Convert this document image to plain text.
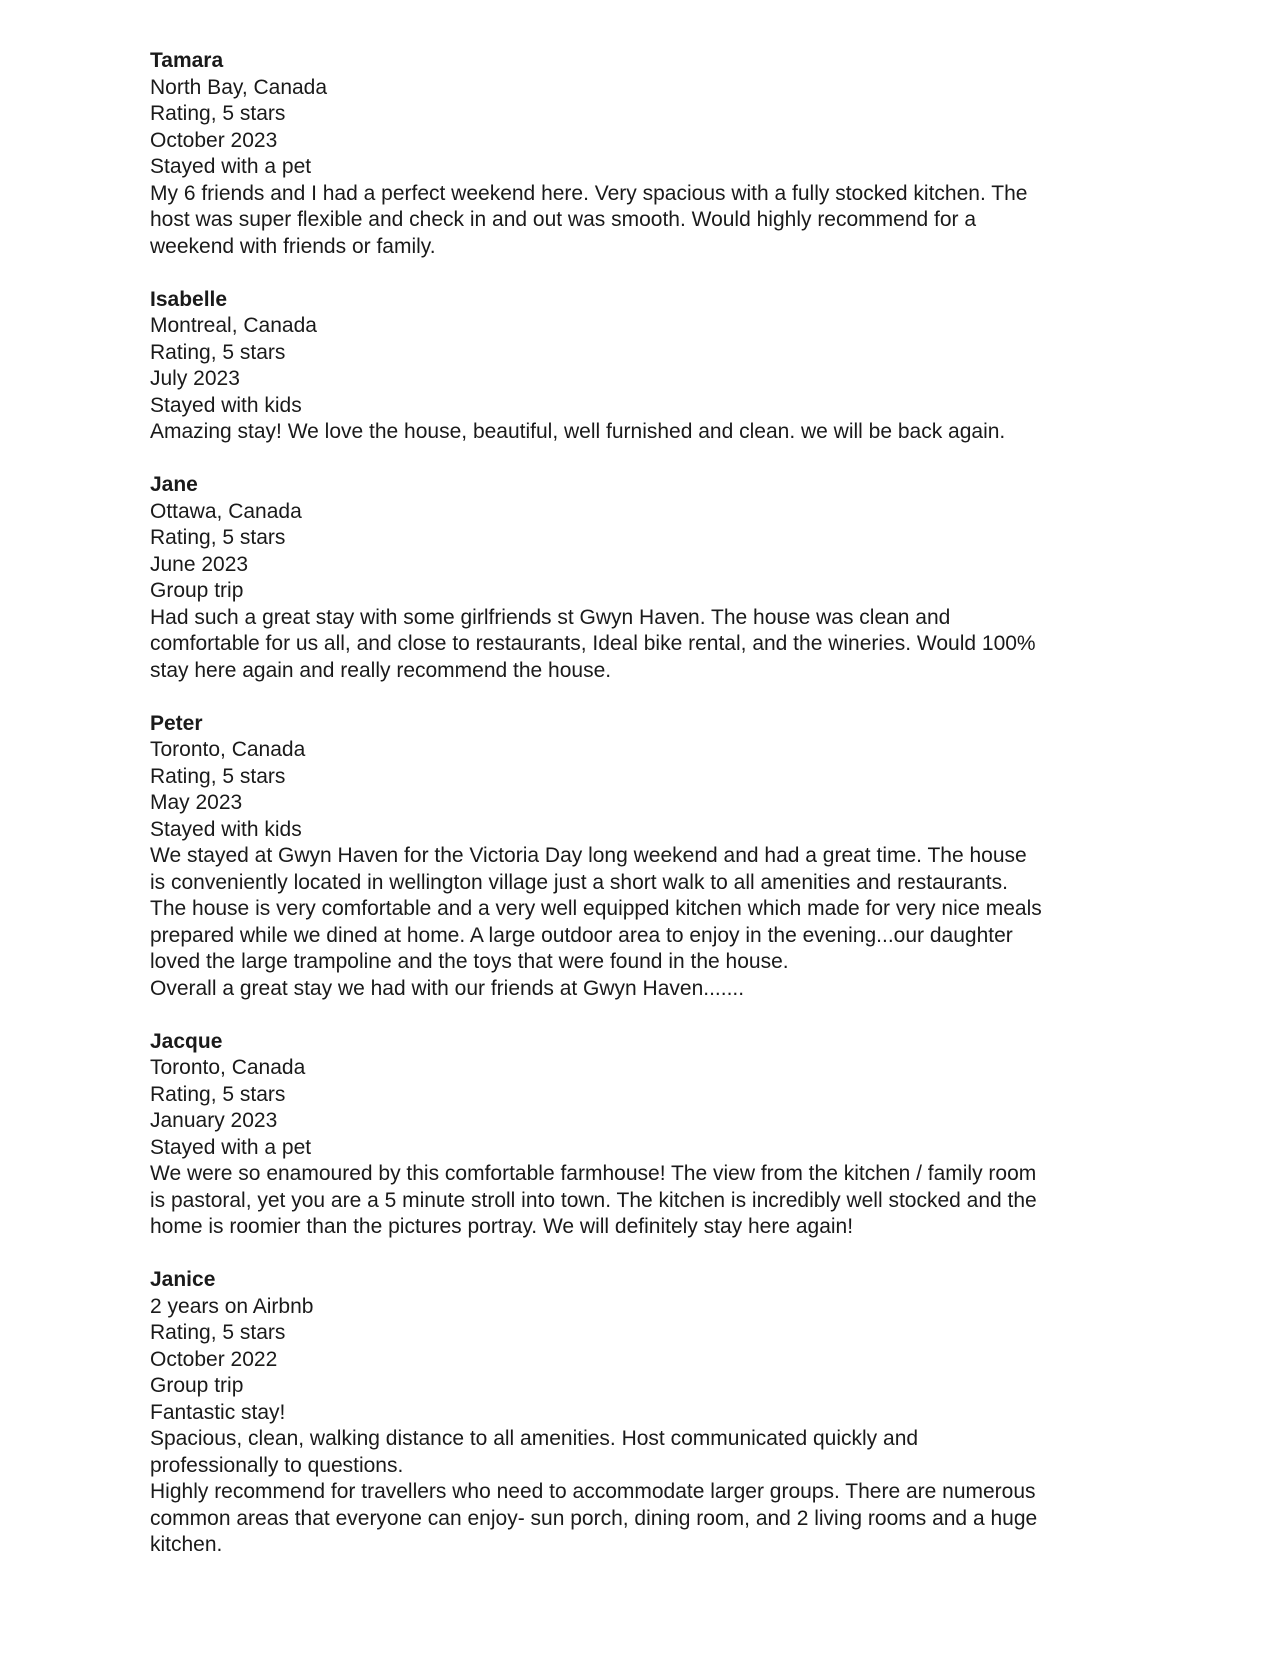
Tamara
North Bay, Canada
Rating, 5 stars
October 2023
Stayed with a pet

My 6 friends and I had a perfect weekend here. Very spacious with a fully stocked kitchen. The

host was super flexible and check in and out was smooth. Would highly recommend for a

weekend with friends or family.

Isabelle
Montreal, Canada
Rating, 5 stars
July 2023
Stayed with kids

Amazing stay! We love the house, beautiful, well furnished and clean. we will be back again.

Jane
Ottawa, Canada
Rating, 5 stars
June 2023
Group trip

Had such a great stay with some girlfriends st Gwyn Haven. The house was clean and

comfortable for us all, and close to restaurants, Ideal bike rental, and the wineries. Would 100%

stay here again and really recommend the house.

Peter
Toronto, Canada
Rating, 5 stars
May 2023
Stayed with kids

We stayed at Gwyn Haven for the Victoria Day long weekend and had a great time. The house

is conveniently located in wellington village just a short walk to all amenities and restaurants.

The house is very comfortable and a very well equipped kitchen which made for very nice meals

prepared while we dined at home. A large outdoor area to enjoy in the evening...our daughter

loved the large trampoline and the toys that were found in the house.

Overall a great stay we had with our friends at Gwyn Haven.......

Jacque
Toronto, Canada
Rating, 5 stars
January 2023
Stayed with a pet

We were so enamoured by this comfortable farmhouse! The view from the kitchen / family room

is pastoral, yet you are a 5 minute stroll into town. The kitchen is incredibly well stocked and the

home is roomier than the pictures portray. We will definitely stay here again!

Janice
2 years on Airbnb
Rating, 5 stars
October 2022
Group trip

Fantastic stay!

Spacious, clean, walking distance to all amenities. Host communicated quickly and

professionally to questions.

Highly recommend for travellers who need to accommodate larger groups. There are numerous

common areas that everyone can enjoy- sun porch, dining room, and 2 living rooms and a huge

kitchen.
